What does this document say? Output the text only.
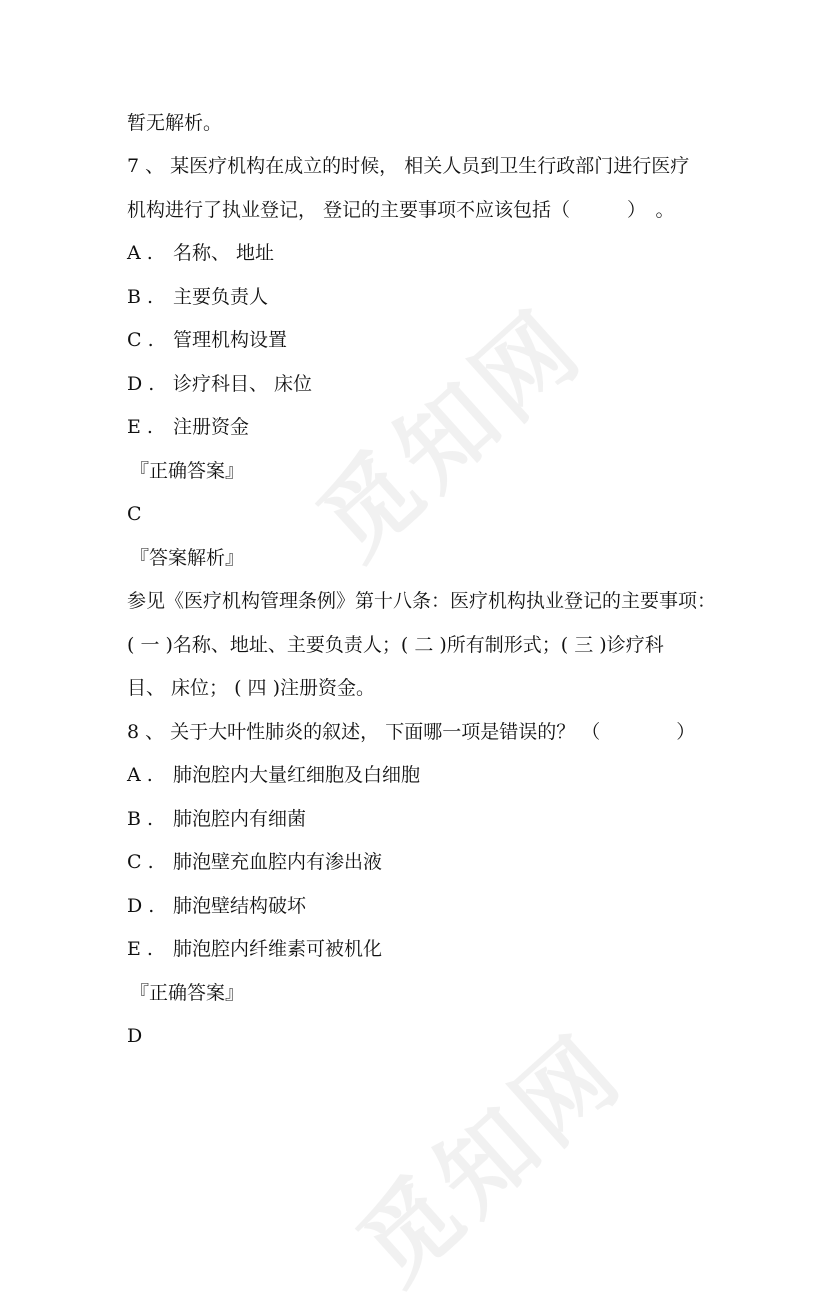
觅知网
觅知网
暂无解析。
7 、 某医疗机构在成立的时候， 相关人员到卫生行政部门进行医疗
机构进行了执业登记， 登记的主要事项不应该包括（　　　）　。
A . 名称、 地址
B . 主要负责人
C . 管理机构设置
D . 诊疗科目、 床位
E . 注册资金
『正确答案』
C
『答案解析』
参见《医疗机构管理条例》第十八条：医疗机构执业登记的主要事项：
( 一 )名称、地址、主要负责人；( 二 )所有制形式；( 三 )诊疗科
目、 床位； ( 四 )注册资金。
8 、 关于大叶性肺炎的叙述， 下面哪一项是错误的？ （　　　　）
A . 肺泡腔内大量红细胞及白细胞
B . 肺泡腔内有细菌
C . 肺泡壁充血腔内有渗出液
D . 肺泡壁结构破坏
E . 肺泡腔内纤维素可被机化
『正确答案』
D
